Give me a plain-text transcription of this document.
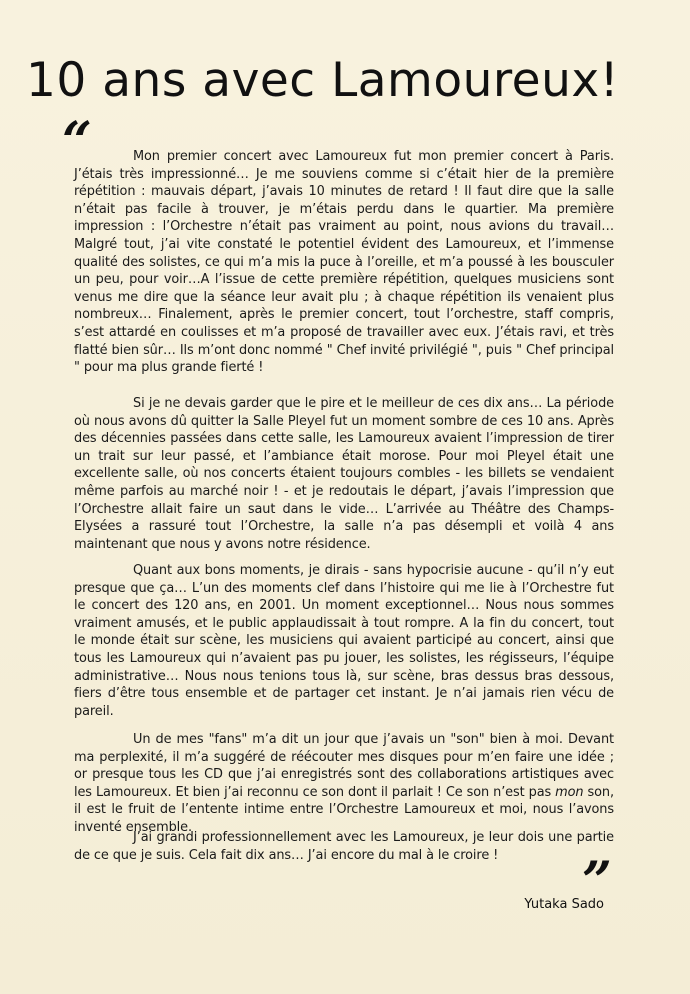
10 ans avec Lamoureux!
“	Mon premier concert avec Lamoureux fut mon premier concert à Paris. J’étais très impressionné… Je me souviens comme si c’était hier de la première répétition : mauvais départ, j’avais 10 minutes de retard ! Il faut dire que la salle n’était pas facile à trouver, je m’étais perdu dans le quartier. Ma première impression : l’Orchestre n’était pas vraiment au point, nous avions du travail… Malgré tout, j’ai vite constaté le potentiel évident des Lamoureux, et l’immense qualité des solistes, ce qui m’a mis la puce à l’oreille, et m’a poussé à les bousculer un peu, pour voir…A l’issue de cette première répétition, quelques musiciens sont venus me dire que la séance leur avait plu ; à chaque répétition ils venaient plus nombreux… Finalement, après le premier concert, tout l’orchestre, staff compris, s’est attardé en coulisses et m’a proposé de travailler avec eux. J’étais ravi, et très flatté bien sûr… Ils m’ont donc nommé " Chef invité privilégié ", puis " Chef principal " pour ma plus grande fierté !

Si je ne devais garder que le pire et le meilleur de ces dix ans… La période où nous avons dû quitter la Salle Pleyel fut un moment sombre de ces 10 ans. Après des décennies passées dans cette salle, les Lamoureux avaient l’impression de tirer un trait sur leur passé, et l’ambiance était morose. Pour moi Pleyel était une excellente salle, où nos concerts étaient toujours combles - les billets se vendaient même parfois au marché noir ! - et je redoutais le départ, j’avais l’impression que l’Orchestre allait faire un saut dans le vide… L’arrivée au Théâtre des Champs-Elysées a rassuré tout l’Orchestre, la salle n’a pas désempli et voilà 4 ans maintenant que nous y avons notre résidence.

Quant aux bons moments, je dirais - sans hypocrisie aucune - qu’il n’y eut presque que ça… L’un des moments clef dans l’histoire qui me lie à l’Orchestre fut le concert des 120 ans, en 2001. Un moment exceptionnel… Nous nous sommes vraiment amusés, et le public applaudissait à tout rompre. A la fin du concert, tout le monde était sur scène, les musiciens qui avaient participé au concert, ainsi que tous les Lamoureux qui n’avaient pas pu jouer, les solistes, les régisseurs, l’équipe administrative… Nous nous tenions tous là, sur scène, bras dessus bras dessous, fiers d’être tous ensemble et de partager cet instant. Je n’ai jamais rien vécu de pareil.

Un de mes "fans" m’a dit un jour que j’avais un "son" bien à moi. Devant ma perplexité, il m’a suggéré de réécouter mes disques pour m’en faire une idée ; or presque tous les CD que j’ai enregistrés sont des collaborations artistiques avec les Lamoureux. Et bien j’ai reconnu ce son dont il parlait ! Ce son n’est pas mon son, il est le fruit de l’entente intime entre l’Orchestre Lamoureux et moi, nous l’avons inventé ensemble.

J’ai grandi professionnellement avec les Lamoureux, je leur dois une partie de ce que je suis. Cela fait dix ans… J’ai encore du mal à le croire !	”
Yutaka Sado
